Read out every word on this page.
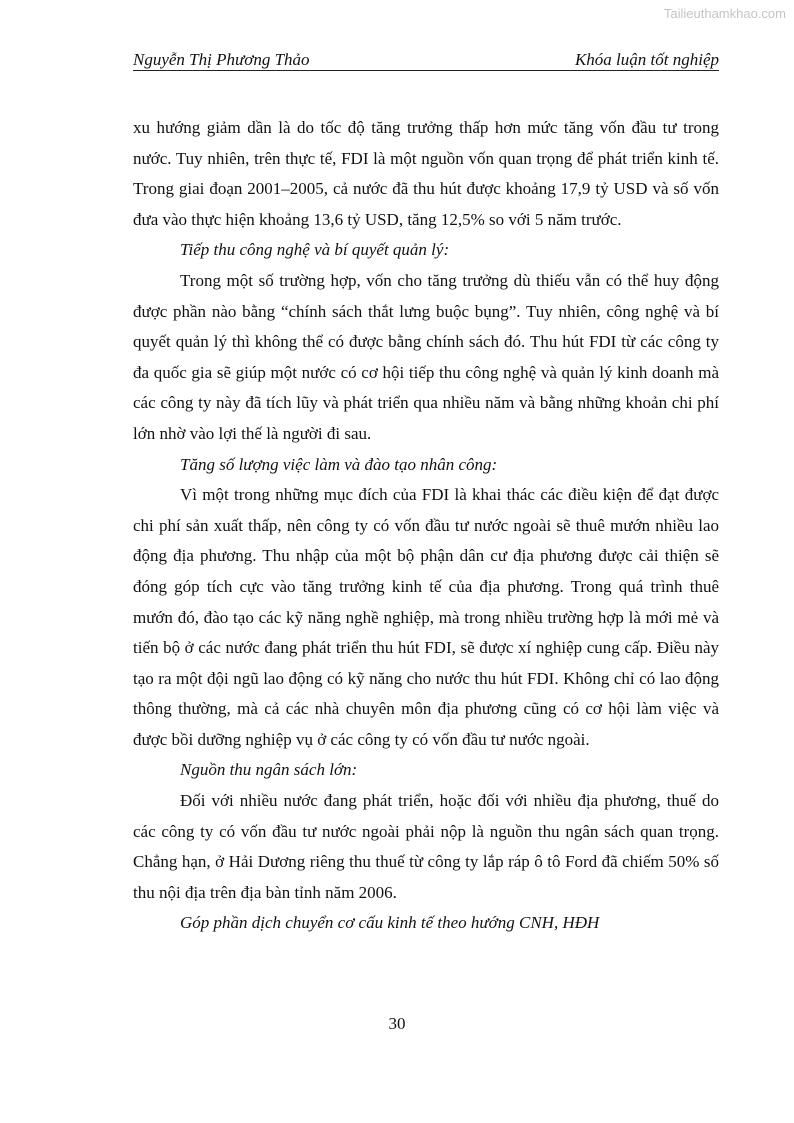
Tailieuthamkhao.com
Nguyễn Thị Phương Thảo	Khóa luận tốt nghiệp

xu hướng giảm dần là do tốc độ tăng trưởng thấp hơn mức tăng vốn đầu tư trong nước. Tuy nhiên, trên thực tế, FDI là một nguồn vốn quan trọng để phát triển kinh tế. Trong giai đoạn 2001–2005, cả nước đã thu hút được khoảng 17,9 tỷ USD và số vốn đưa vào thực hiện khoảng 13,6 tỷ USD, tăng 12,5% so với 5 năm trước.

Tiếp thu công nghệ và bí quyết quản lý:

Trong một số trường hợp, vốn cho tăng trưởng dù thiếu vẫn có thể huy động được phần nào bằng “chính sách thắt lưng buộc bụng”. Tuy nhiên, công nghệ và bí quyết quản lý thì không thể có được bằng chính sách đó. Thu hút FDI từ các công ty đa quốc gia sẽ giúp một nước có cơ hội tiếp thu công nghệ và quản lý kinh doanh mà các công ty này đã tích lũy và phát triển qua nhiều năm và bằng những khoản chi phí lớn nhờ vào lợi thế là người đi sau.

Tăng số lượng việc làm và đào tạo nhân công:

Vì một trong những mục đích của FDI là khai thác các điều kiện để đạt được chi phí sản xuất thấp, nên công ty có vốn đầu tư nước ngoài sẽ thuê mướn nhiều lao động địa phương. Thu nhập của một bộ phận dân cư địa phương được cải thiện sẽ đóng góp tích cực vào tăng trưởng kinh tế của địa phương. Trong quá trình thuê mướn đó, đào tạo các kỹ năng nghề nghiệp, mà trong nhiều trường hợp là mới mẻ và tiến bộ ở các nước đang phát triển thu hút FDI, sẽ được xí nghiệp cung cấp. Điều này tạo ra một đội ngũ lao động có kỹ năng cho nước thu hút FDI. Không chỉ có lao động thông thường, mà cả các nhà chuyên môn địa phương cũng có cơ hội làm việc và được bồi dưỡng nghiệp vụ ở các công ty có vốn đầu tư nước ngoài.

Nguồn thu ngân sách lớn:

Đối với nhiều nước đang phát triển, hoặc đối với nhiều địa phương, thuế do các công ty có vốn đầu tư nước ngoài phải nộp là nguồn thu ngân sách quan trọng. Chẳng hạn, ở Hải Dương riêng thu thuế từ công ty lắp ráp ô tô Ford đã chiếm 50% số thu nội địa trên địa bàn tỉnh năm 2006.

Góp phần dịch chuyển cơ cấu kinh tế theo hướng CNH, HĐH

30
